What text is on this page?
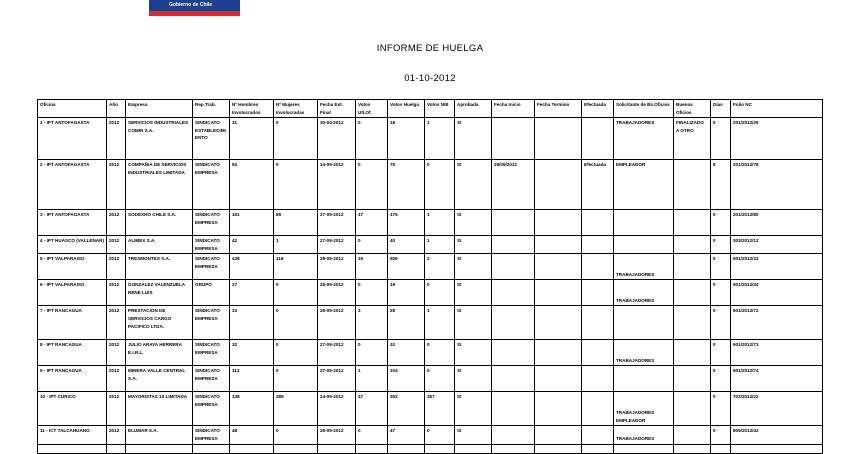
Gobierno de Chile
INFORME DE HUELGA
01-10-2012
Oficina	Año	Empresa	Rep.Trab.	Nº Hombres Involucrados	Nº Mujeres Involucradas	Fecha Est. Final	Votos Ult.Of.	Votos Huelga	Votos N/B	Aprobada	Fecha Inicio	Fecha Termino	Efectuada	Solicitante de Bs.Oficios	Buenos Oficios	Días	Folio NC
1 - IPT ANTOFAGASTA	2012	SERVICIOS INDUSTRIALES COMIN S.A.	SINDICATO ESTABLECIMIENTO	31	0	30-04-2012	0	18	1	SI				TRABAJADORES	FINALIZADO A OTRO	0	201/2012/26
2 - IPT ANTOFAGASTA	2012	COMPAÑIA DE SERVICIOS INDUSTRIALES LIMITADA	SINDICATO EMPRESA	93	0	14-09-2012	0	75	0	SI	28/09/2012		Efectuada	EMPLEADOR		8	201/2012/78
3 - IPT ANTOFAGASTA	2012	SODEXHO CHILE S.A.	SINDICATO EMPRESA	161	89	27-09-2012	17	175	1	SI						0	201/2012/80
4 - IPT HUASCO (VALLENAR)	2012	ALIMEX S.A.	SINDICATO EMPRESA	42	1	27-09-2012	0	40	1	SI						0	303/2012/12
5 - IPT VALPARAISO	2012	TRESMONTES S.A.	SINDICATO EMPRESA	438	118	28-09-2012	15	506	2	SI				TRABAJADORES		0	501/2012/33
6 - IPT VALPARAISO	2012	GONZALEZ VALENZUELA RENE LUIS	GRUPO	27	0	25-09-2012	0	19	0	SI				TRABAJADORES		0	501/2012/34
7 - IPT RANCAGUA	2012	PRESTACION DE SERVICIOS CARGO PACIFICO LTDA.	SINDICATO EMPRESA	33	0	28-09-2012	3	28	1	SI						0	601/2012/72
8 - IPT RANCAGUA	2012	JULIO ARAYA HERRERA E.I.R.L.	SINDICATO EMPRESA	32	0	27-09-2012	0	32	0	SI				TRABAJADORES		0	601/2012/73
9 - IPT RANCAGUA	2012	MINERA VALLE CENTRAL S.A.	SINDICATO EMPRESA	113	0	27-09-2012	1	104	0	SI						0	601/2012/74
10 - IPT CURICO	2012	MAYORISTAS 10 LIMITADA	SINDICATO EMPRESA	138	288	24-09-2012	47	352	367	SI				TRABAJADORES EMPLEADOR		0	702/2012/22
11 - ICT TALCAHUANO	2012	ELUMAR S.A.	SINDICATO EMPRESA	48	0	28-09-2012	0	47	0	SI				TRABAJADORES		0	805/2012/42
